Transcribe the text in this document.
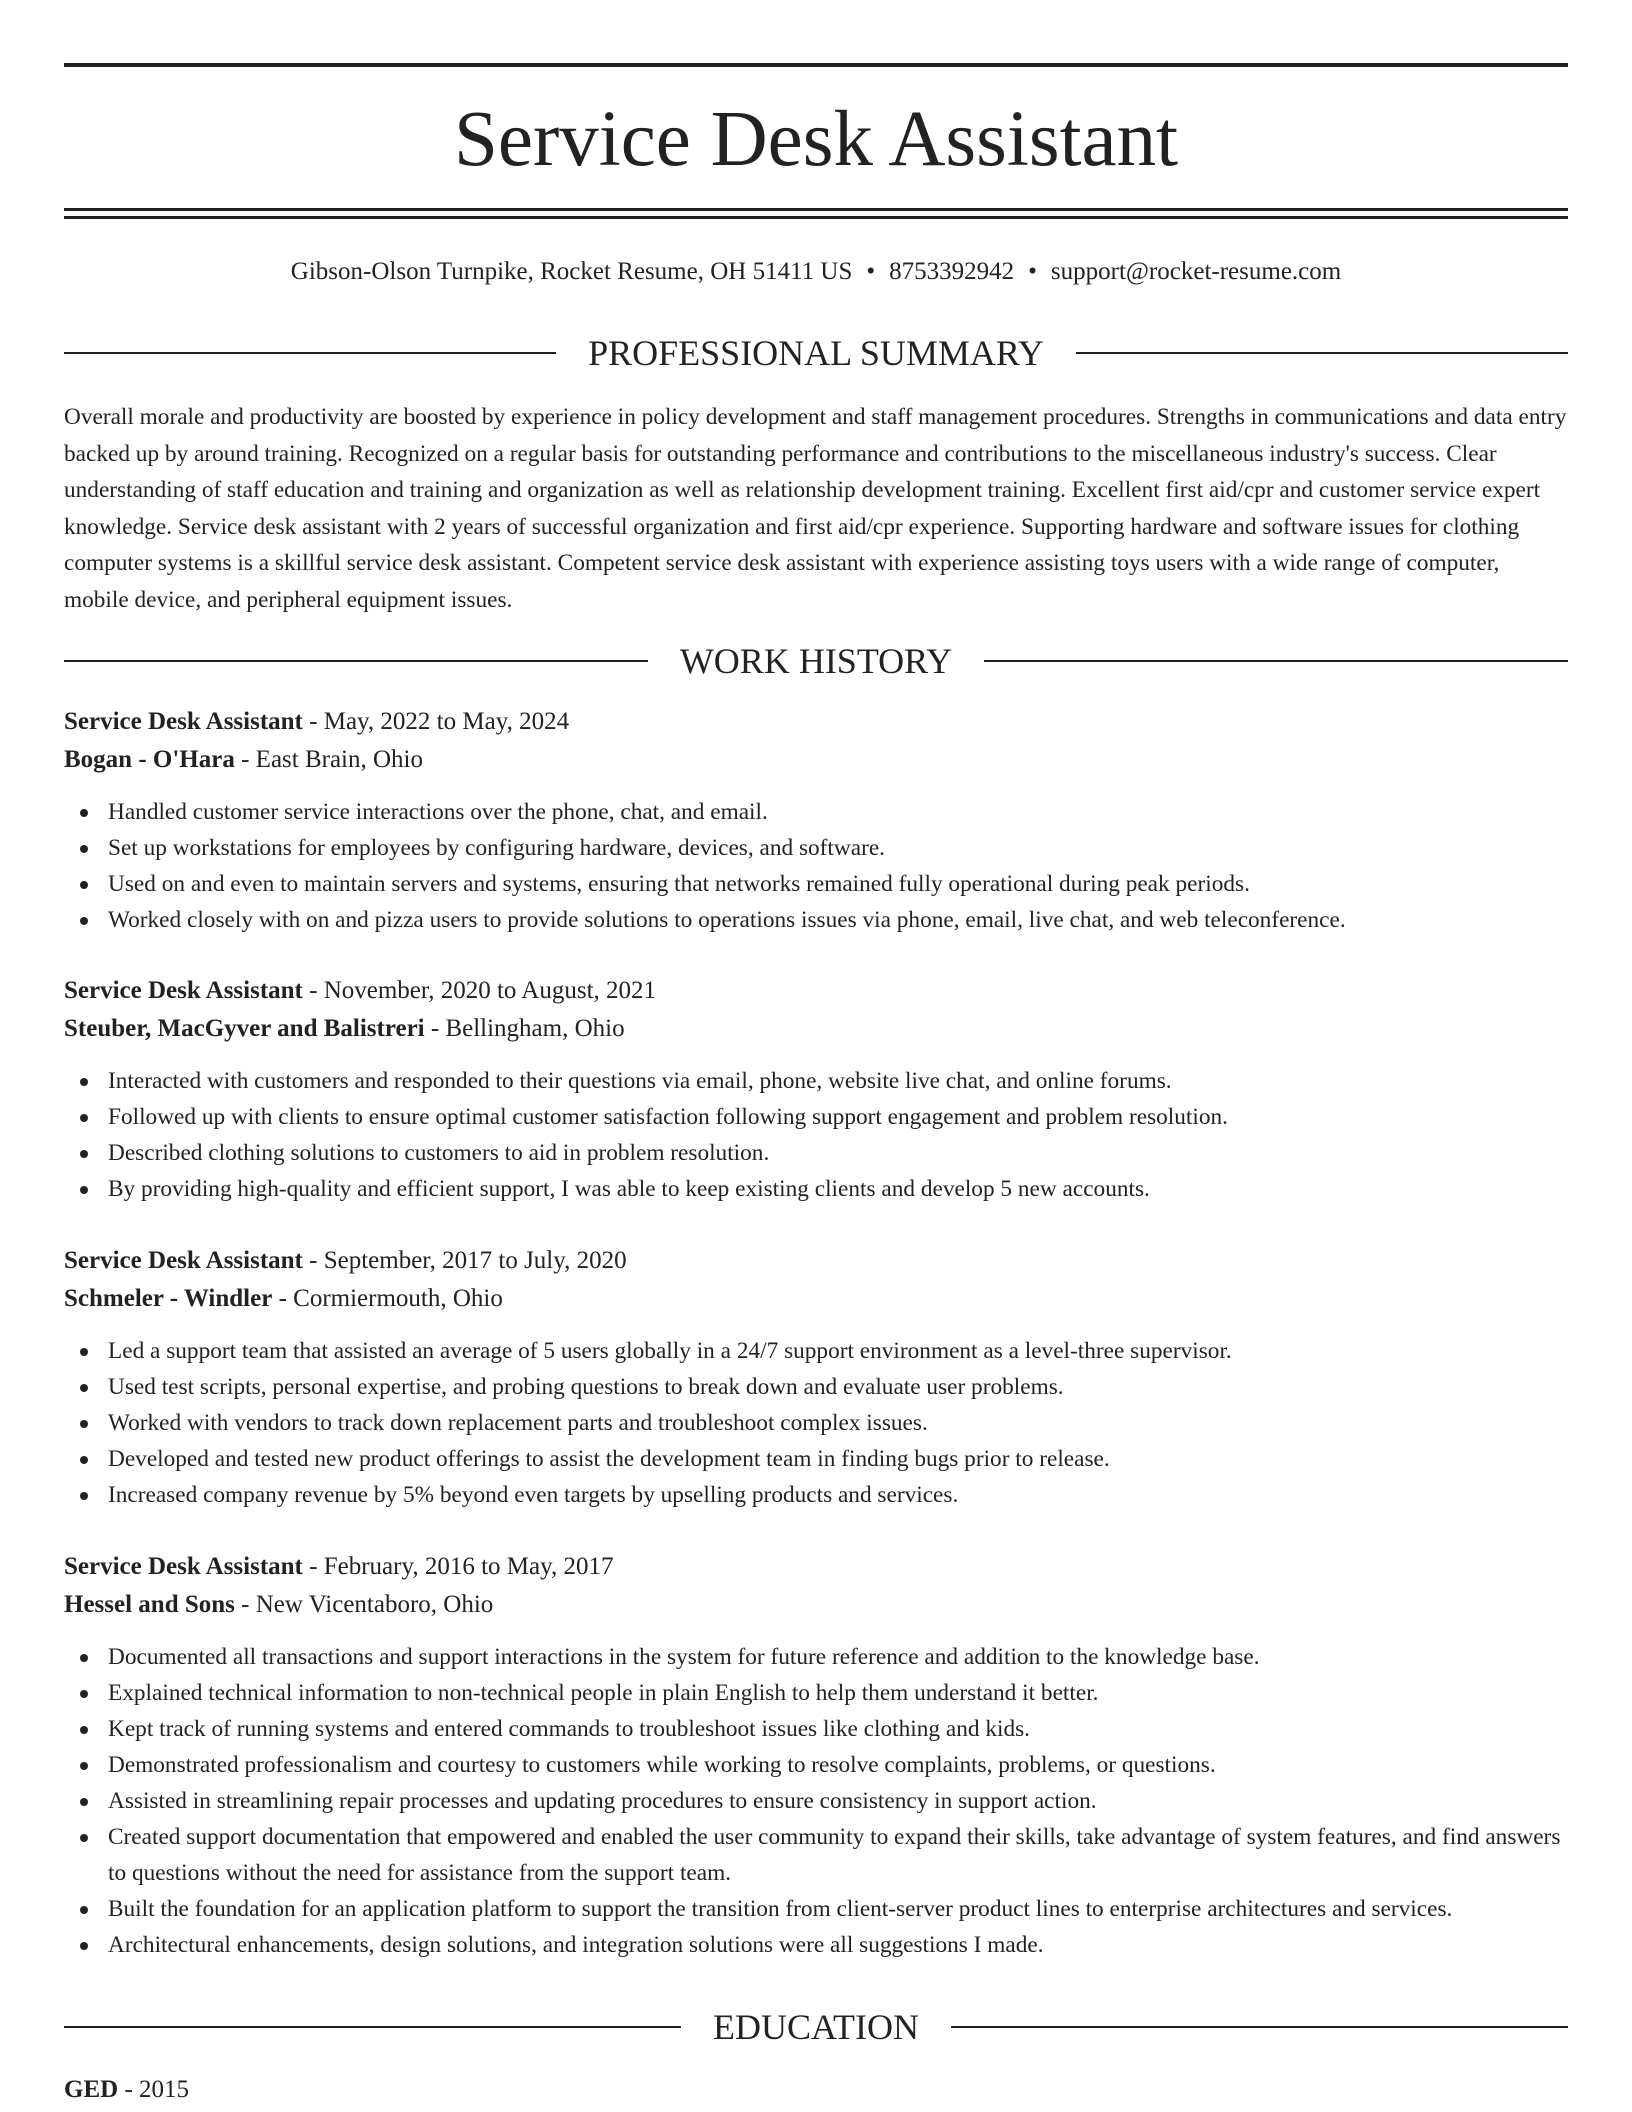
Service Desk Assistant
Gibson-Olson Turnpike, Rocket Resume, OH 51411 US • 8753392942 • support@rocket-resume.com
PROFESSIONAL SUMMARY

Overall morale and productivity are boosted by experience in policy development and staff management procedures. Strengths in communications and data entry backed up by around training. Recognized on a regular basis for outstanding performance and contributions to the miscellaneous industry's success. Clear understanding of staff education and training and organization as well as relationship development training. Excellent first aid/cpr and customer service expert knowledge. Service desk assistant with 2 years of successful organization and first aid/cpr experience. Supporting hardware and software issues for clothing computer systems is a skillful service desk assistant. Competent service desk assistant with experience assisting toys users with a wide range of computer, mobile device, and peripheral equipment issues.

WORK HISTORY

Service Desk Assistant - May, 2022 to May, 2024

Bogan - O'Hara - East Brain, Ohio

Handled customer service interactions over the phone, chat, and email.
Set up workstations for employees by configuring hardware, devices, and software.
Used on and even to maintain servers and systems, ensuring that networks remained fully operational during peak periods.
Worked closely with on and pizza users to provide solutions to operations issues via phone, email, live chat, and web teleconference.

Service Desk Assistant - November, 2020 to August, 2021

Steuber, MacGyver and Balistreri - Bellingham, Ohio

Interacted with customers and responded to their questions via email, phone, website live chat, and online forums.
Followed up with clients to ensure optimal customer satisfaction following support engagement and problem resolution.
Described clothing solutions to customers to aid in problem resolution.
By providing high-quality and efficient support, I was able to keep existing clients and develop 5 new accounts.

Service Desk Assistant - September, 2017 to July, 2020

Schmeler - Windler - Cormiermouth, Ohio

Led a support team that assisted an average of 5 users globally in a 24/7 support environment as a level-three supervisor.
Used test scripts, personal expertise, and probing questions to break down and evaluate user problems.
Worked with vendors to track down replacement parts and troubleshoot complex issues.
Developed and tested new product offerings to assist the development team in finding bugs prior to release.
Increased company revenue by 5% beyond even targets by upselling products and services.

Service Desk Assistant - February, 2016 to May, 2017

Hessel and Sons - New Vicentaboro, Ohio

Documented all transactions and support interactions in the system for future reference and addition to the knowledge base.
Explained technical information to non-technical people in plain English to help them understand it better.
Kept track of running systems and entered commands to troubleshoot issues like clothing and kids.
Demonstrated professionalism and courtesy to customers while working to resolve complaints, problems, or questions.
Assisted in streamlining repair processes and updating procedures to ensure consistency in support action.
Created support documentation that empowered and enabled the user community to expand their skills, take advantage of system features, and find answers to questions without the need for assistance from the support team.
Built the foundation for an application platform to support the transition from client-server product lines to enterprise architectures and services.
Architectural enhancements, design solutions, and integration solutions were all suggestions I made.
EDUCATION
GED - 2015
